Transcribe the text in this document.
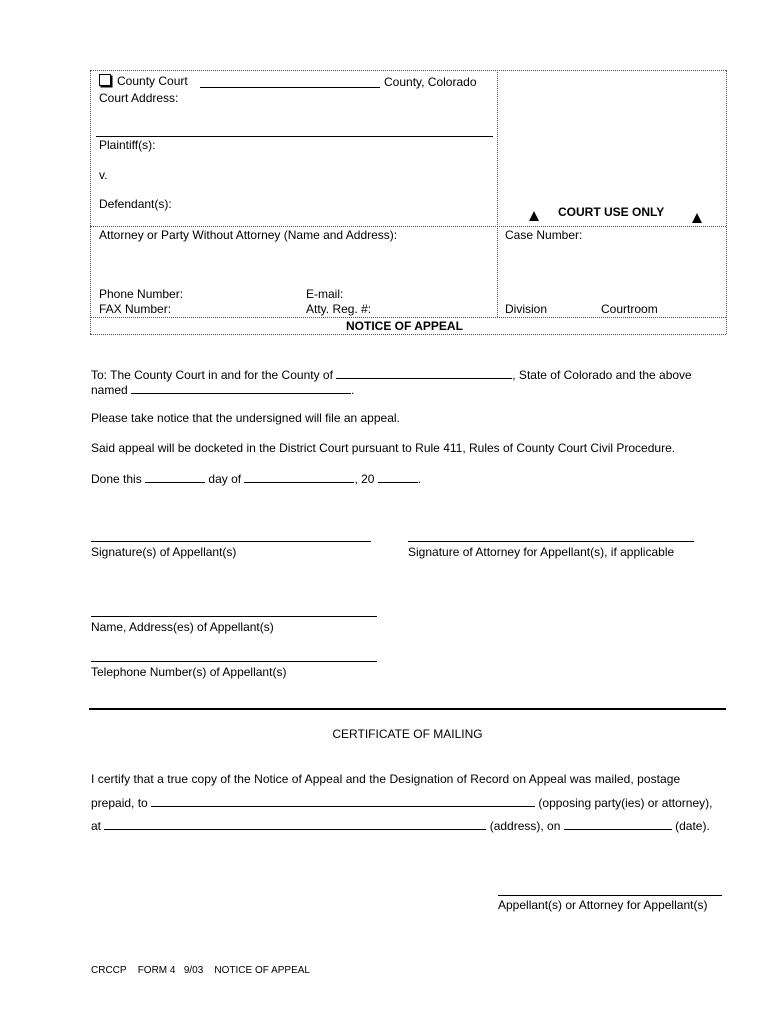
County Court	County, Colorado
Court Address:
Plaintiff(s):
v.
Defendant(s):
COURT USE ONLY
Attorney or Party Without Attorney (Name and Address):	Case Number:
Phone Number:
FAX Number:
E-mail:
Atty. Reg. #:	Division	Courtroom
NOTICE OF APPEAL
To: The County Court in and for the County of	, State of Colorado and the above
named	.
Please take notice that the undersigned will file an appeal.
Said appeal will be docketed in the District Court pursuant to Rule 411, Rules of County Court Civil Procedure.
Done this	day of	, 20	.
Signature(s) of Appellant(s)	Signature of Attorney for Appellant(s), if applicable
Name, Address(es) of Appellant(s)
Telephone Number(s) of Appellant(s)
CERTIFICATE OF MAILING
I certify that a true copy of the Notice of Appeal and the Designation of Record on Appeal was mailed, postage
prepaid, to	(opposing party(ies) or attorney),
at	(address), on	(date).
Appellant(s) or Attorney for Appellant(s)
CRCCP FORM 4 9/03 NOTICE OF APPEAL
